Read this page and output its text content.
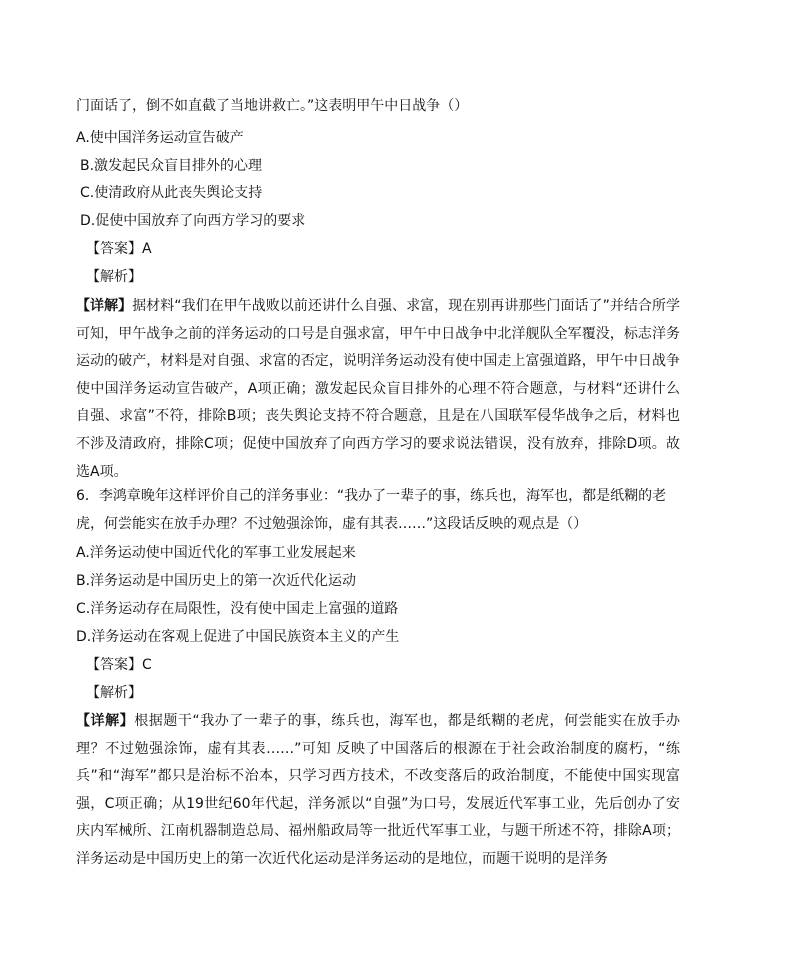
门面话了，倒不如直截了当地讲救亡。”这表明甲午中日战争（）
A.使中国洋务运动宣告破产
B.激发起民众盲目排外的心理
C.使清政府从此丧失舆论支持
D.促使中国放弃了向西方学习的要求
【答案】A
【解析】

【详解】据材料“我们在甲午战败以前还讲什么自强、求富，现在别再讲那些门面话了”并结合所学可知，甲午战争之前的洋务运动的口号是自强求富，甲午中日战争中北洋舰队全军覆没，标志洋务运动的破产，材料是对自强、求富的否定，说明洋务运动没有使中国走上富强道路，甲午中日战争使中国洋务运动宣告破产，A项正确；激发起民众盲目排外的心理不符合题意，与材料“还讲什么自强、求富”不符，排除B项；丧失舆论支持不符合题意，且是在八国联军侵华战争之后，材料也不涉及清政府，排除C项；促使中国放弃了向西方学习的要求说法错误，没有放弃，排除D项。故选A项。

6．李鸿章晚年这样评价自己的洋务事业：“我办了一辈子的事，练兵也，海军也，都是纸糊的老
虎，何尝能实在放手办理？不过勉强涂饰，虚有其表……”这段话反映的观点是（）
A.洋务运动使中国近代化的军事工业发展起来
B.洋务运动是中国历史上的第一次近代化运动
C.洋务运动存在局限性，没有使中国走上富强的道路
D.洋务运动在客观上促进了中国民族资本主义的产生
【答案】C
【解析】

【详解】根据题干“我办了一辈子的事，练兵也，海军也，都是纸糊的老虎，何尝能实在放手办理？不过勉强涂饰，虚有其表……”可知 反映了中国落后的根源在于社会政治制度的腐朽，“练兵”和“海军”都只是治标不治本，只学习西方技术，不改变落后的政治制度，不能使中国实现富强，C项正确；从19世纪60年代起，洋务派以“自强”为口号，发展近代军事工业，先后创办了安庆内军械所、江南机器制造总局、福州船政局等一批近代军事工业，与题干所述不符，排除A项；洋务运动是中国历史上的第一次近代化运动是洋务运动的是地位，而题干说明的是洋务
